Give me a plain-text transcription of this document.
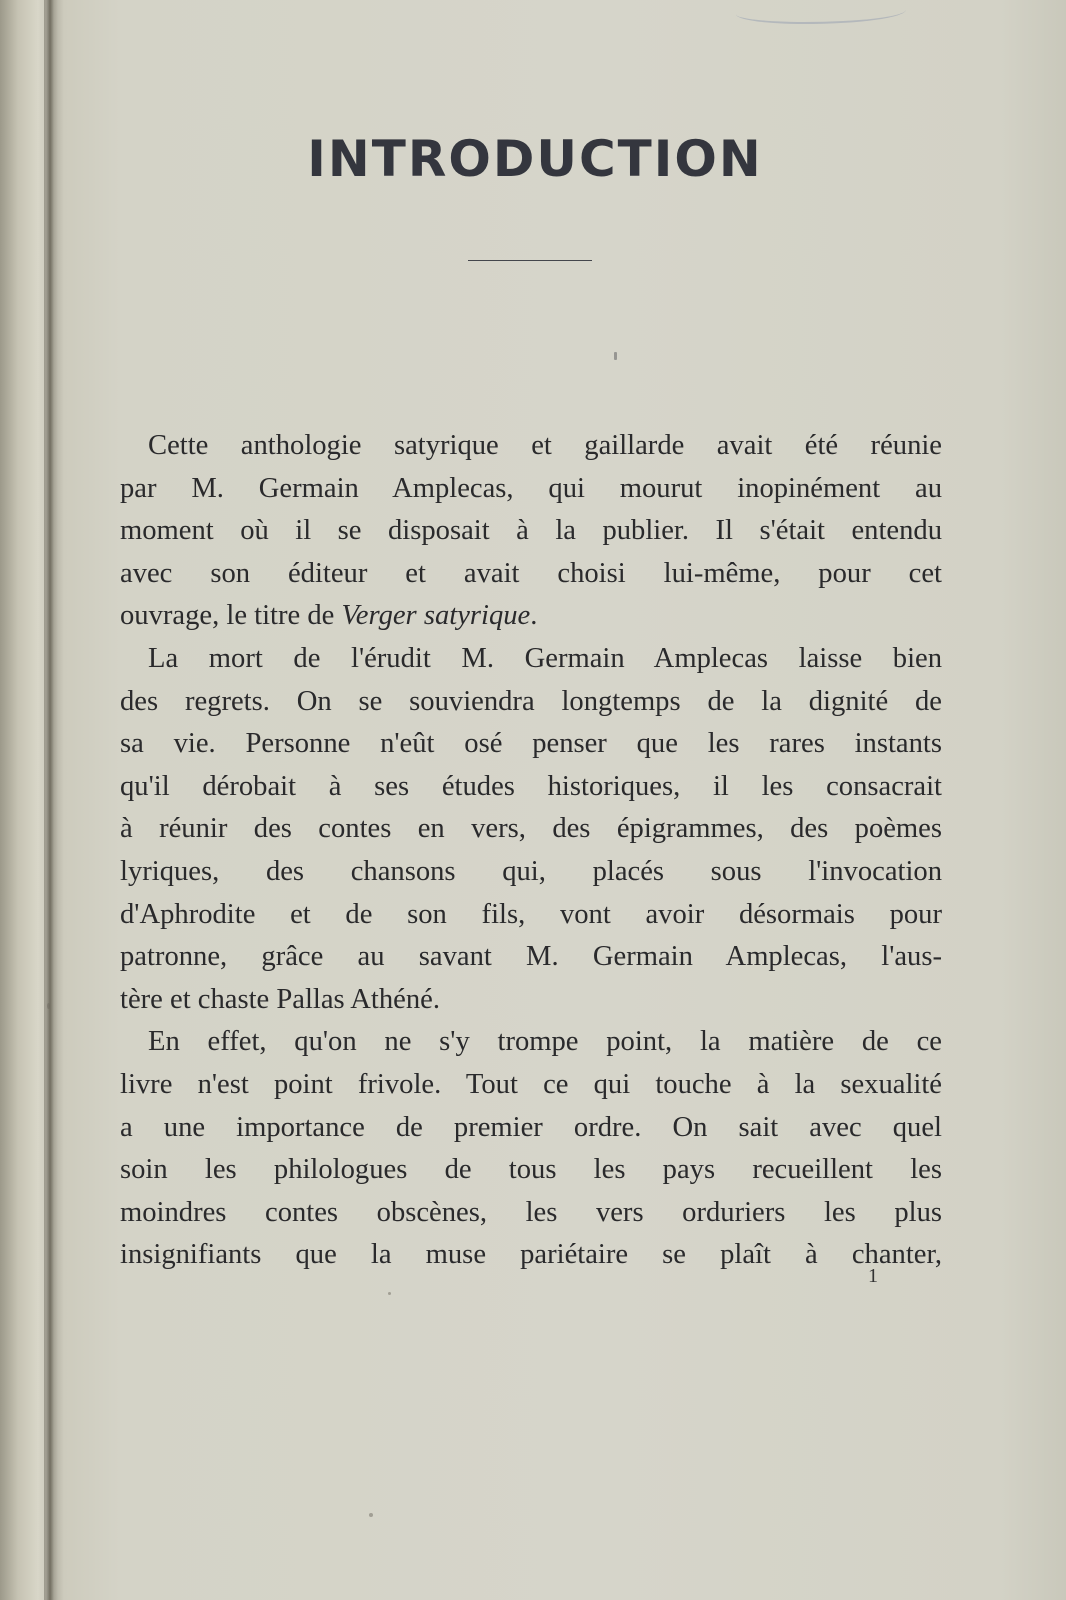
INTRODUCTION

Cette anthologie satyrique et gaillarde avait été réunie
par M. Germain Amplecas, qui mourut inopinément au
moment où il se disposait à la publier. Il s'était entendu
avec son éditeur et avait choisi lui-même, pour cet
ouvrage, le titre de Verger satyrique.

La mort de l'érudit M. Germain Amplecas laisse bien
des regrets. On se souviendra longtemps de la dignité de
sa vie. Personne n'eût osé penser que les rares instants
qu'il dérobait à ses études historiques, il les consacrait
à réunir des contes en vers, des épigrammes, des poèmes
lyriques, des chansons qui, placés sous l'invocation
d'Aphrodite et de son fils, vont avoir désormais pour
patronne, grâce au savant M. Germain Amplecas, l'aus-
tère et chaste Pallas Athéné.

En effet, qu'on ne s'y trompe point, la matière de ce
livre n'est point frivole. Tout ce qui touche à la sexualité
a une importance de premier ordre. On sait avec quel
soin les philologues de tous les pays recueillent les
moindres contes obscènes, les vers orduriers les plus
insignifiants que la muse pariétaire se plaît à chanter,

1
